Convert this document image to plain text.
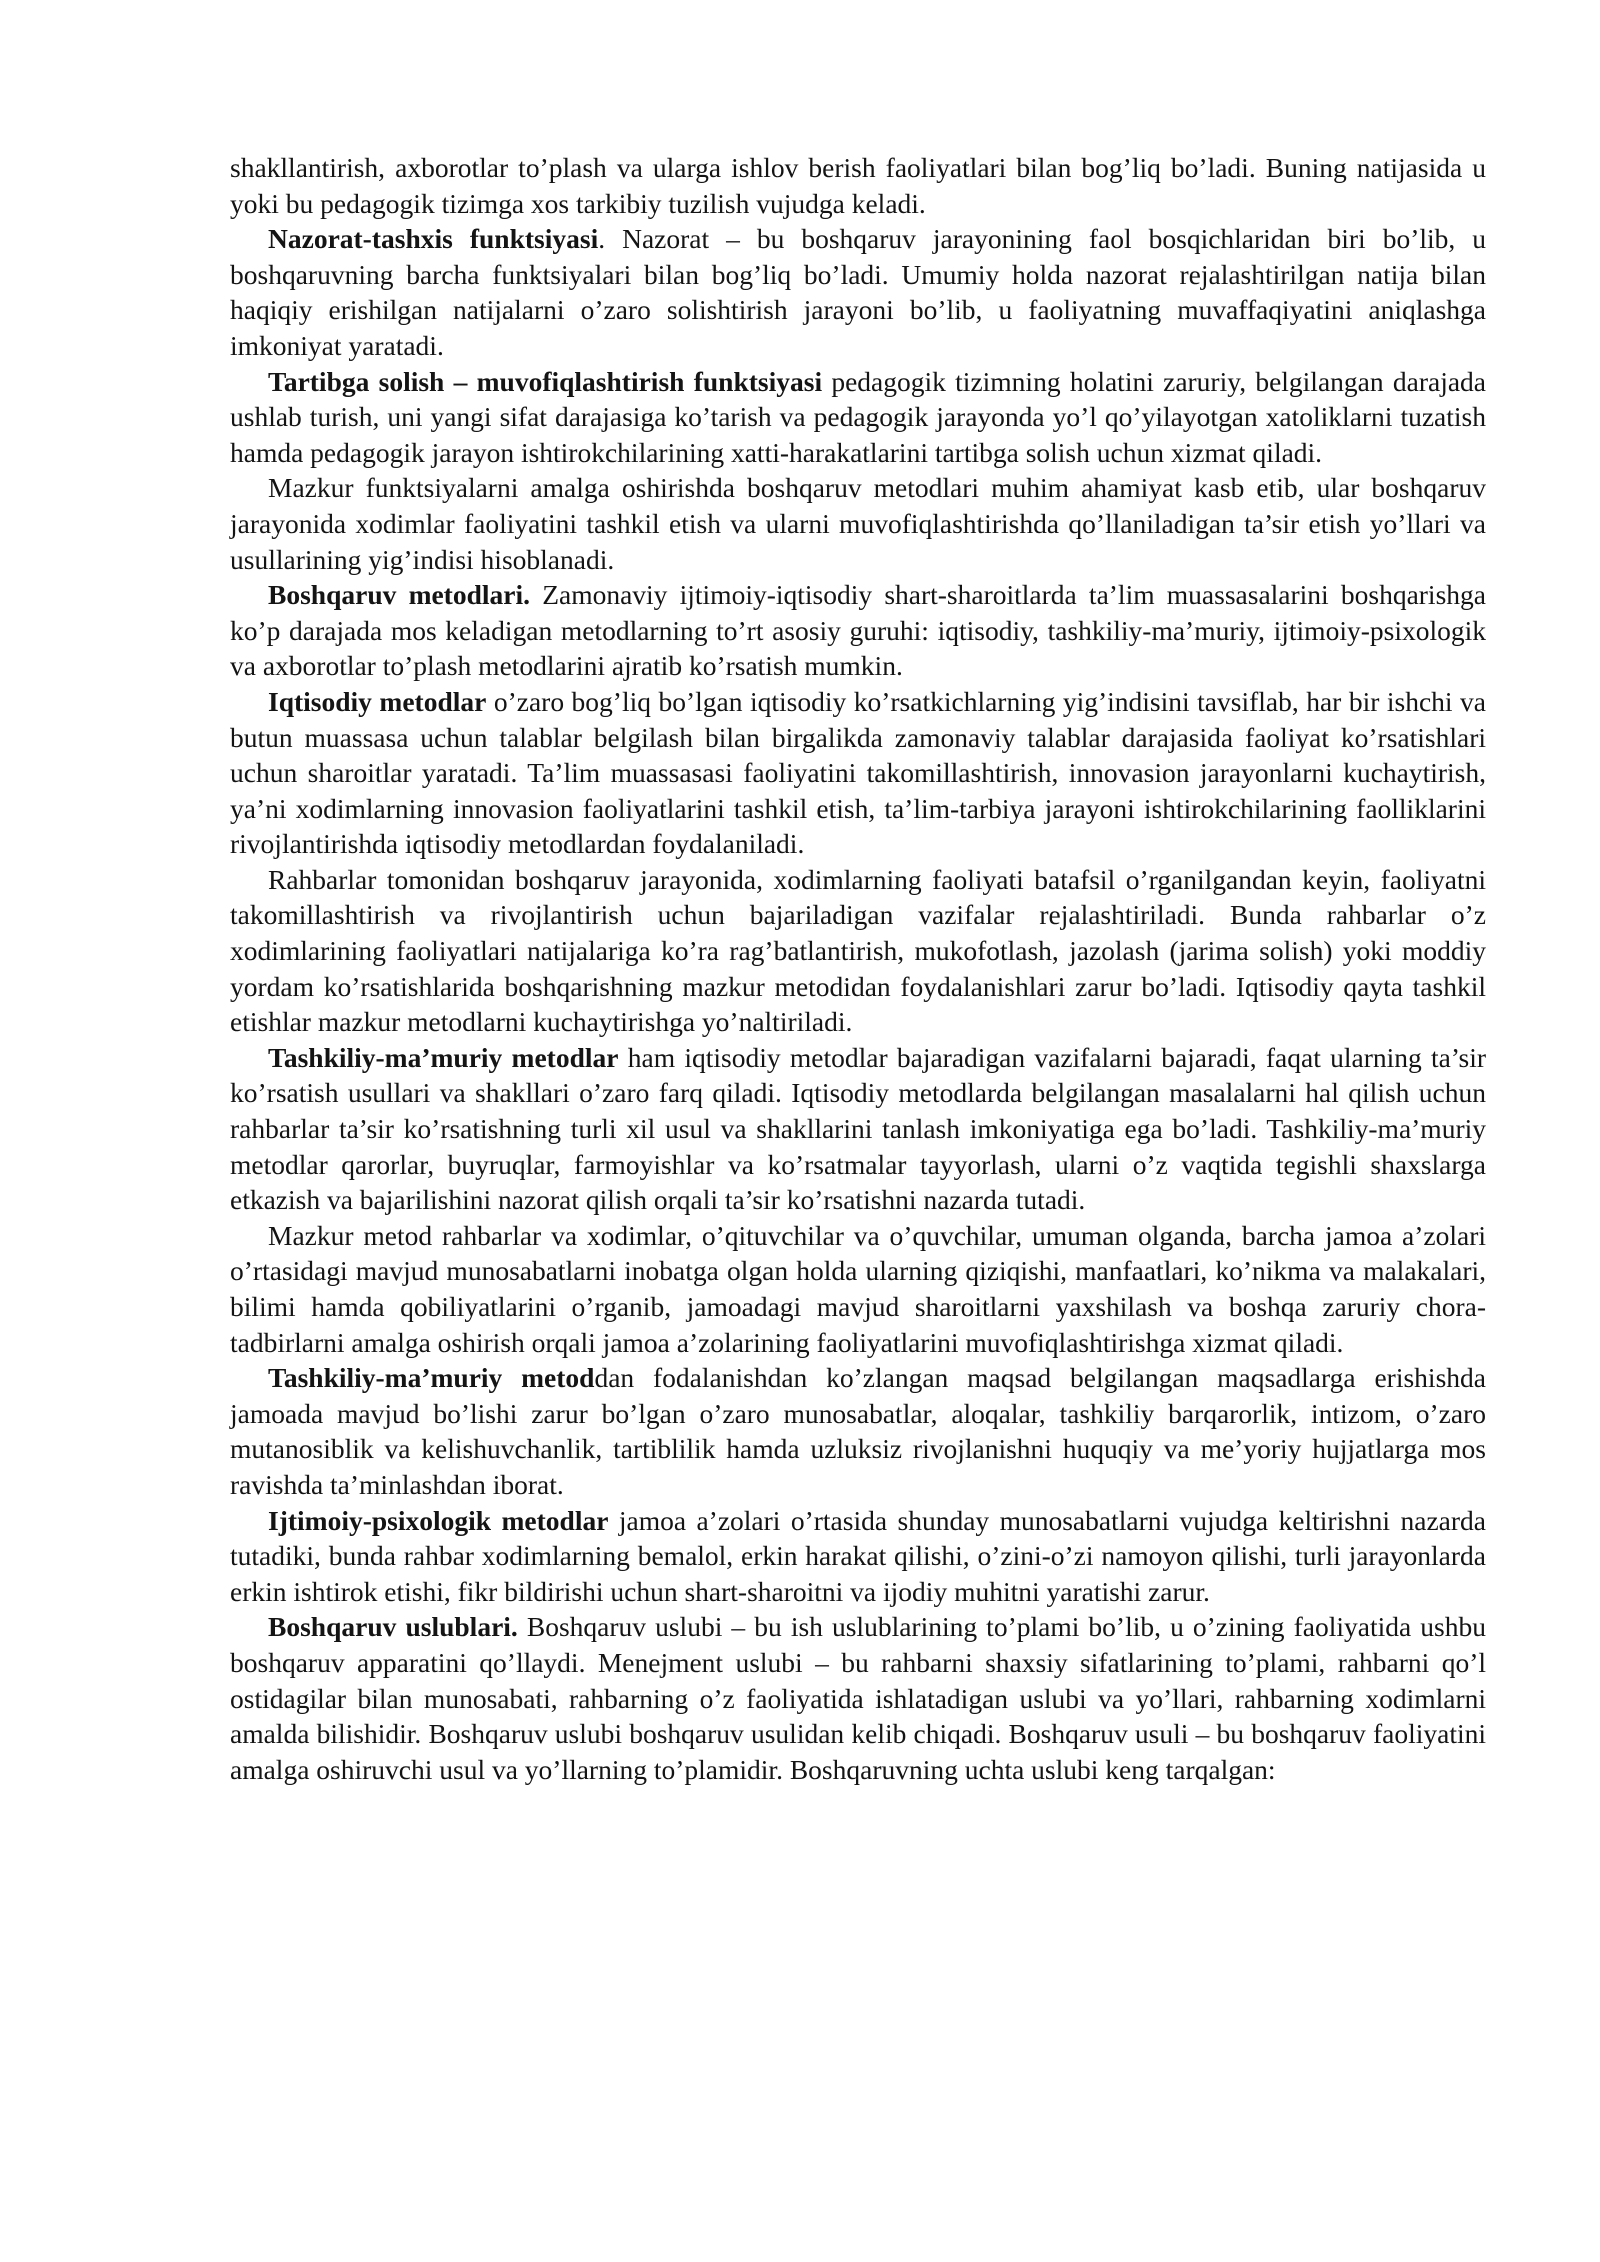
shakllantirish, axborotlar to’plash va ularga ishlov berish faoliyatlari bilan bog’liq bo’ladi. Buning natijasida u yoki bu pedagogik tizimga xos tarkibiy tuzilish vujudga keladi.

Nazorat-tashxis funktsiyasi. Nazorat – bu boshqaruv jarayonining faol bosqichlaridan biri bo’lib, u boshqaruvning barcha funktsiyalari bilan bog’liq bo’ladi. Umumiy holda nazorat rejalashtirilgan natija bilan haqiqiy erishilgan natijalarni o’zaro solishtirish jarayoni bo’lib, u faoliyatning muvaffaqiyatini aniqlashga imkoniyat yaratadi.

Tartibga solish – muvofiqlashtirish funktsiyasi pedagogik tizimning holatini zaruriy, belgilangan darajada ushlab turish, uni yangi sifat darajasiga ko’tarish va pedagogik jarayonda yo’l qo’yilayotgan xatoliklarni tuzatish hamda pedagogik jarayon ishtirokchilarining xatti-harakatlarini tartibga solish uchun xizmat qiladi.

Mazkur funktsiyalarni amalga oshirishda boshqaruv metodlari muhim ahamiyat kasb etib, ular boshqaruv jarayonida xodimlar faoliyatini tashkil etish va ularni muvofiqlashtirishda qo’llaniladigan ta’sir etish yo’llari va usullarining yig’indisi hisoblanadi.

Boshqaruv metodlari. Zamonaviy ijtimoiy-iqtisodiy shart-sharoitlarda ta’lim muassasalarini boshqarishga ko’p darajada mos keladigan metodlarning to’rt asosiy guruhi: iqtisodiy, tashkiliy-ma’muriy, ijtimoiy-psixologik va axborotlar to’plash metodlarini ajratib ko’rsatish mumkin.

Iqtisodiy metodlar o’zaro bog’liq bo’lgan iqtisodiy ko’rsatkichlarning yig’indisini tavsiflab, har bir ishchi va butun muassasa uchun talablar belgilash bilan birgalikda zamonaviy talablar darajasida faoliyat ko’rsatishlari uchun sharoitlar yaratadi. Ta’lim muassasasi faoliyatini takomillashtirish, innovasion jarayonlarni kuchaytirish, ya’ni xodimlarning innovasion faoliyatlarini tashkil etish, ta’lim-tarbiya jarayoni ishtirokchilarining faolliklarini rivojlantirishda iqtisodiy metodlardan foydalaniladi.

Rahbarlar tomonidan boshqaruv jarayonida, xodimlarning faoliyati batafsil o’rganilgandan keyin, faoliyatni takomillashtirish va rivojlantirish uchun bajariladigan vazifalar rejalashtiriladi. Bunda rahbarlar o’z xodimlarining faoliyatlari natijalariga ko’ra rag’batlantirish, mukofotlash, jazolash (jarima solish) yoki moddiy yordam ko’rsatishlarida boshqarishning mazkur metodidan foydalanishlari zarur bo’ladi. Iqtisodiy qayta tashkil etishlar mazkur metodlarni kuchaytirishga yo’naltiriladi.

Tashkiliy-ma’muriy metodlar ham iqtisodiy metodlar bajaradigan vazifalarni bajaradi, faqat ularning ta’sir ko’rsatish usullari va shakllari o’zaro farq qiladi. Iqtisodiy metodlarda belgilangan masalalarni hal qilish uchun rahbarlar ta’sir ko’rsatishning turli xil usul va shakllarini tanlash imkoniyatiga ega bo’ladi. Tashkiliy-ma’muriy metodlar qarorlar, buyruqlar, farmoyishlar va ko’rsatmalar tayyorlash, ularni o’z vaqtida tegishli shaxslarga etkazish va bajarilishini nazorat qilish orqali ta’sir ko’rsatishni nazarda tutadi.

Mazkur metod rahbarlar va xodimlar, o’qituvchilar va o’quvchilar, umuman olganda, barcha jamoa a’zolari o’rtasidagi mavjud munosabatlarni inobatga olgan holda ularning qiziqishi, manfaatlari, ko’nikma va malakalari, bilimi hamda qobiliyatlarini o’rganib, jamoadagi mavjud sharoitlarni yaxshilash va boshqa zaruriy chora-tadbirlarni amalga oshirish orqali jamoa a’zolarining faoliyatlarini muvofiqlashtirishga xizmat qiladi.

Tashkiliy-ma’muriy metoddan fodalanishdan ko’zlangan maqsad belgilangan maqsadlarga erishishda jamoada mavjud bo’lishi zarur bo’lgan o’zaro munosabatlar, aloqalar, tashkiliy barqarorlik, intizom, o’zaro mutanosiblik va kelishuvchanlik, tartiblilik hamda uzluksiz rivojlanishni huquqiy va me’yoriy hujjatlarga mos ravishda ta’minlashdan iborat.

Ijtimoiy-psixologik metodlar jamoa a’zolari o’rtasida shunday munosabatlarni vujudga keltirishni nazarda tutadiki, bunda rahbar xodimlarning bemalol, erkin harakat qilishi, o’zini-o’zi namoyon qilishi, turli jarayonlarda erkin ishtirok etishi, fikr bildirishi uchun shart-sharoitni va ijodiy muhitni yaratishi zarur.

Boshqaruv uslublari. Boshqaruv uslubi – bu ish uslublarining to’plami bo’lib, u o’zining faoliyatida ushbu boshqaruv apparatini qo’llaydi. Menejment uslubi – bu rahbarni shaxsiy sifatlarining to’plami, rahbarni qo’l ostidagilar bilan munosabati, rahbarning o’z faoliyatida ishlatadigan uslubi va yo’llari, rahbarning xodimlarni amalda bilishidir. Boshqaruv uslubi boshqaruv usulidan kelib chiqadi. Boshqaruv usuli – bu boshqaruv faoliyatini amalga oshiruvchi usul va yo’llarning to’plamidir. Boshqaruvning uchta uslubi keng tarqalgan:
